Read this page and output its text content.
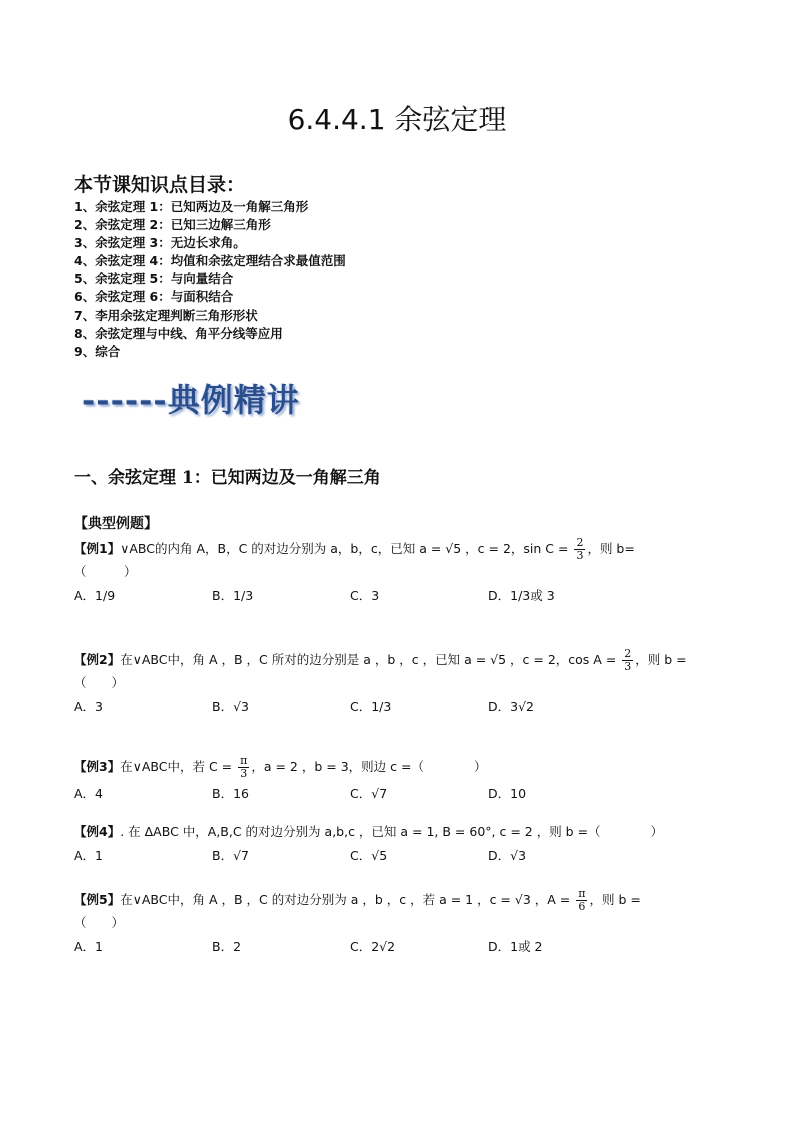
6.4.4.1 余弦定理
本节课知识点目录：
1、余弦定理 1：已知两边及一角解三角形
2、余弦定理 2：已知三边解三角形
3、余弦定理 3：无边长求角。
4、余弦定理 4：均值和余弦定理结合求最值范围
5、余弦定理 5：与向量结合
6、余弦定理 6：与面积结合
7、李用余弦定理判断三角形形状
8、余弦定理与中线、角平分线等应用
9、综合
------典例精讲
一、余弦定理 1：已知两边及一角解三角
【典型例题】
【例1】∨ABC的内角 A，B，C 的对边分别为 a，b，c，已知 a = √5 ，c = 2，$\sin C = \frac{2}{3}$ ，则 b=
（　　　）
A．1/9	B．1/3	C．3	D．1/3或 3
【例2】在∨ABC中，角 A ，B ，C 所对的边分别是 a ，b ，c ，已知 a = √5 ，c = 2，$\cos A = \frac{2}{3}$ ，则 b =
（　　）
A．3	B．√3	C．1/3	D．3√2
【例3】在∨ABC中，若 $C = \frac{\pi}{3}$ ，a = 2 ，b = 3，则边 c =（　　　　）
A．4	B．16	C．√7	D．10
【例4】. 在 ΔABC 中，A,B,C 的对边分别为 a,b,c ，已知 a = 1, B = 60°, c = 2 ，则 b =（　　　　）
A．1	B．√7	C．√5	D．√3
【例5】在∨ABC中，角 A ，B ，C 的对边分别为 a ，b ，c ，若 a = 1 ，c = √3 ，$A = \frac{\pi}{6}$ ，则 b =
（　　）
A．1	B．2	C．2√2	D．1或 2
